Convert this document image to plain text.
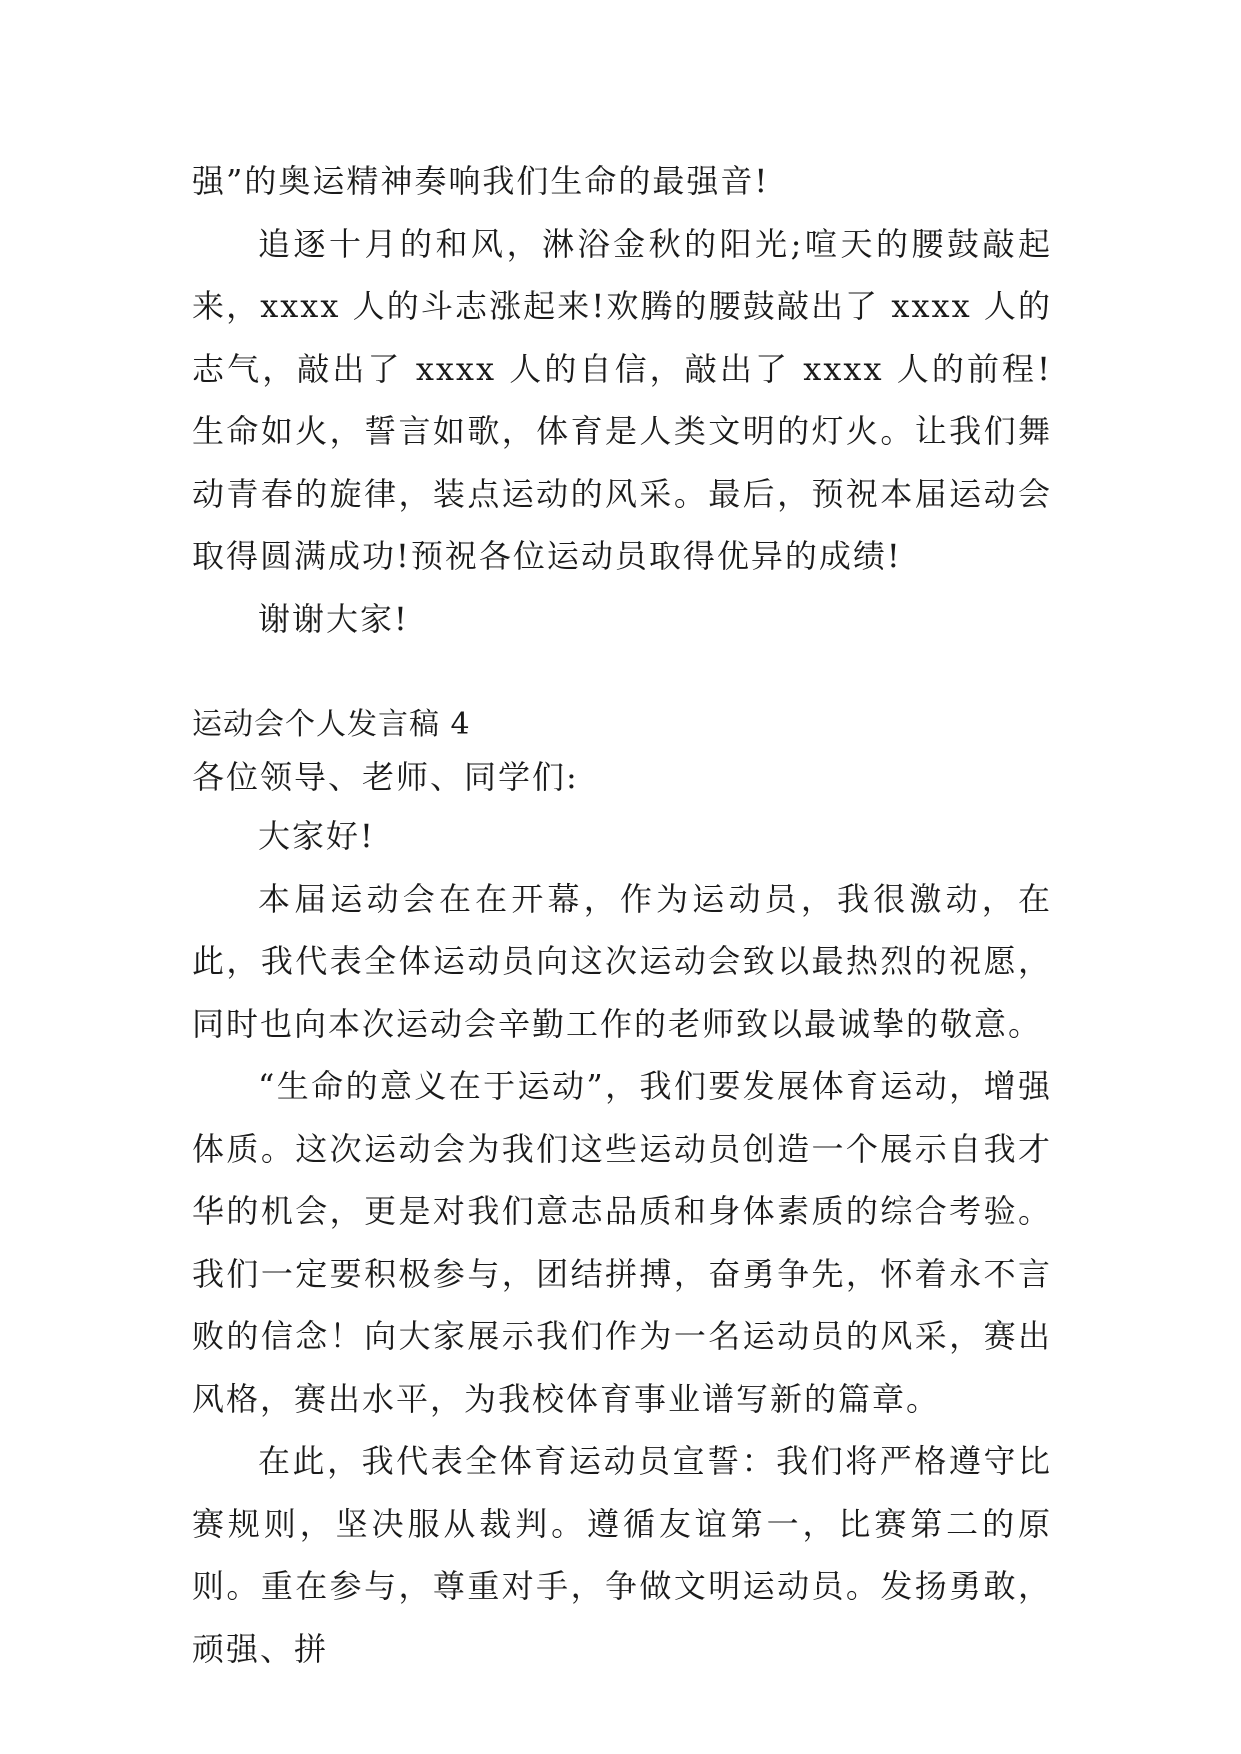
强”的奥运精神奏响我们生命的最强音!

追逐十月的和风，淋浴金秋的阳光;喧天的腰鼓敲起来，xxxx 人的斗志涨起来!欢腾的腰鼓敲出了 xxxx 人的志气，敲出了 xxxx 人的自信，敲出了 xxxx 人的前程!生命如火，誓言如歌，体育是人类文明的灯火。让我们舞动青春的旋律，装点运动的风采。最后，预祝本届运动会取得圆满成功!预祝各位运动员取得优异的成绩!

谢谢大家!

运动会个人发言稿 4

各位领导、老师、同学们:

大家好!

本届运动会在在开幕，作为运动员，我很激动，在此，我代表全体运动员向这次运动会致以最热烈的祝愿，同时也向本次运动会辛勤工作的老师致以最诚挚的敬意。

“生命的意义在于运动”，我们要发展体育运动，增强体质。这次运动会为我们这些运动员创造一个展示自我才华的机会，更是对我们意志品质和身体素质的综合考验。我们一定要积极参与，团结拼搏，奋勇争先，怀着永不言败的信念！向大家展示我们作为一名运动员的风采，赛出风格，赛出水平，为我校体育事业谱写新的篇章。

在此，我代表全体育运动员宣誓：我们将严格遵守比赛规则，坚决服从裁判。遵循友谊第一，比赛第二的原则。重在参与，尊重对手，争做文明运动员。发扬勇敢，顽强、拼
